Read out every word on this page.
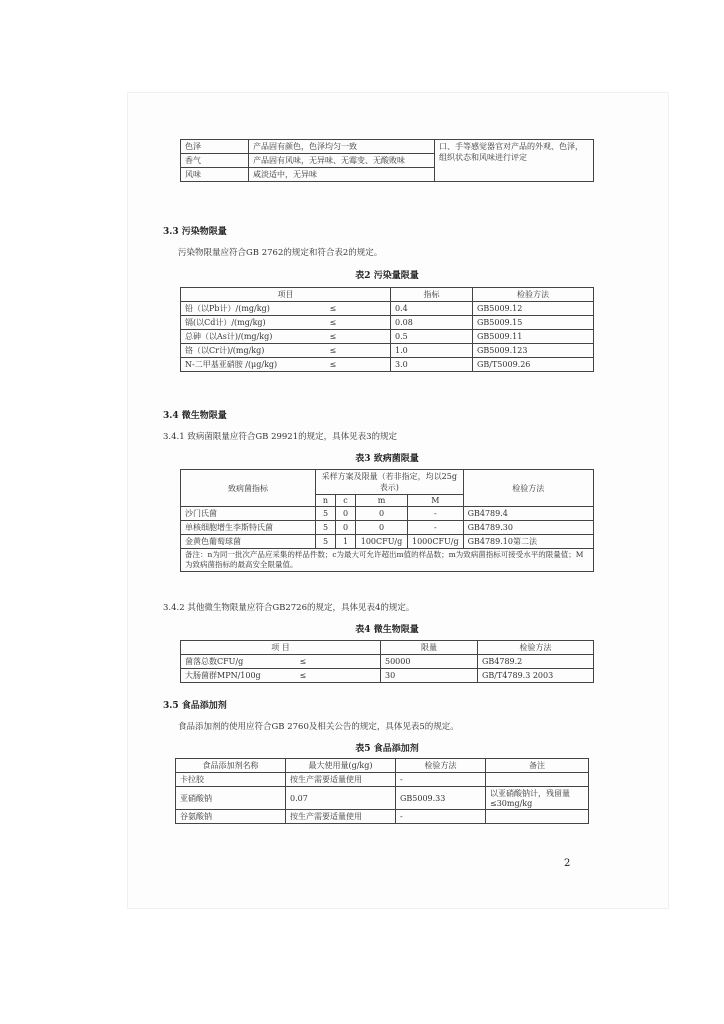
色泽	产品固有颜色，色泽均匀一致	口、手等感觉器官对产品的外观、色泽，组织状态和风味进行评定
香气	产品固有风味，无异味、无霉变、无酸败味	
风味	咸淡适中，无异味	
3.3 污染物限量
污染物限量应符合GB 2762的规定和符合表2的规定。
表2 污染量限量
项目		指标	检验方法
铅（以Pb计）/(mg/kg)	≤	0.4	GB5009.12
镉(以Cd计）/(mg/kg)	≤	0.08	GB5009.15
总砷（以As计)/(mg/kg)	≤	0.5	GB5009.11
铬（以Cr计)/(mg/kg)	≤	1.0	GB5009.123
N-二甲基亚硝胺 /(μg/kg)	≤	3.0	GB/T5009.26
3.4 微生物限量
3.4.1 致病菌限量应符合GB 29921的规定，具体见表3的规定
表3 致病菌限量
致病菌指标	采样方案及限量（若非指定，均以25g表示)				检验方法
	n	c	m	M	
沙门氏菌	5	0	0	-	GB4789.4
单核细胞增生李斯特氏菌	5	0	0	-	GB4789.30
金黄色葡萄球菌	5	1	100CFU/g	1000CFU/g	GB4789.10第二法
备注：n为同一批次产品应采集的样品件数；c为最大可允许超出m值的样品数；m为致病菌指标可接受水平的限量值；M为致病菌指标的最高安全限量值。					
3.4.2 其他微生物限量应符合GB2726的规定，具体见表4的规定。
表4 微生物限量
项 目		限量	检验方法
菌落总数CFU/g	≤	50000	GB4789.2
大肠菌群MPN/100g	≤	30	GB/T4789.3 2003
3.5 食品添加剂
食品添加剂的使用应符合GB 2760及相关公告的规定，具体见表5的规定。
表5 食品添加剂
食品添加剂名称	最大使用量(g/kg)	检验方法	备注
卡拉胶	按生产需要适量使用	-	
亚硝酸钠	0.07	GB5009.33	以亚硝酸钠计，残留量≤30mg/kg
谷氨酸钠	按生产需要适量使用	-	
2
